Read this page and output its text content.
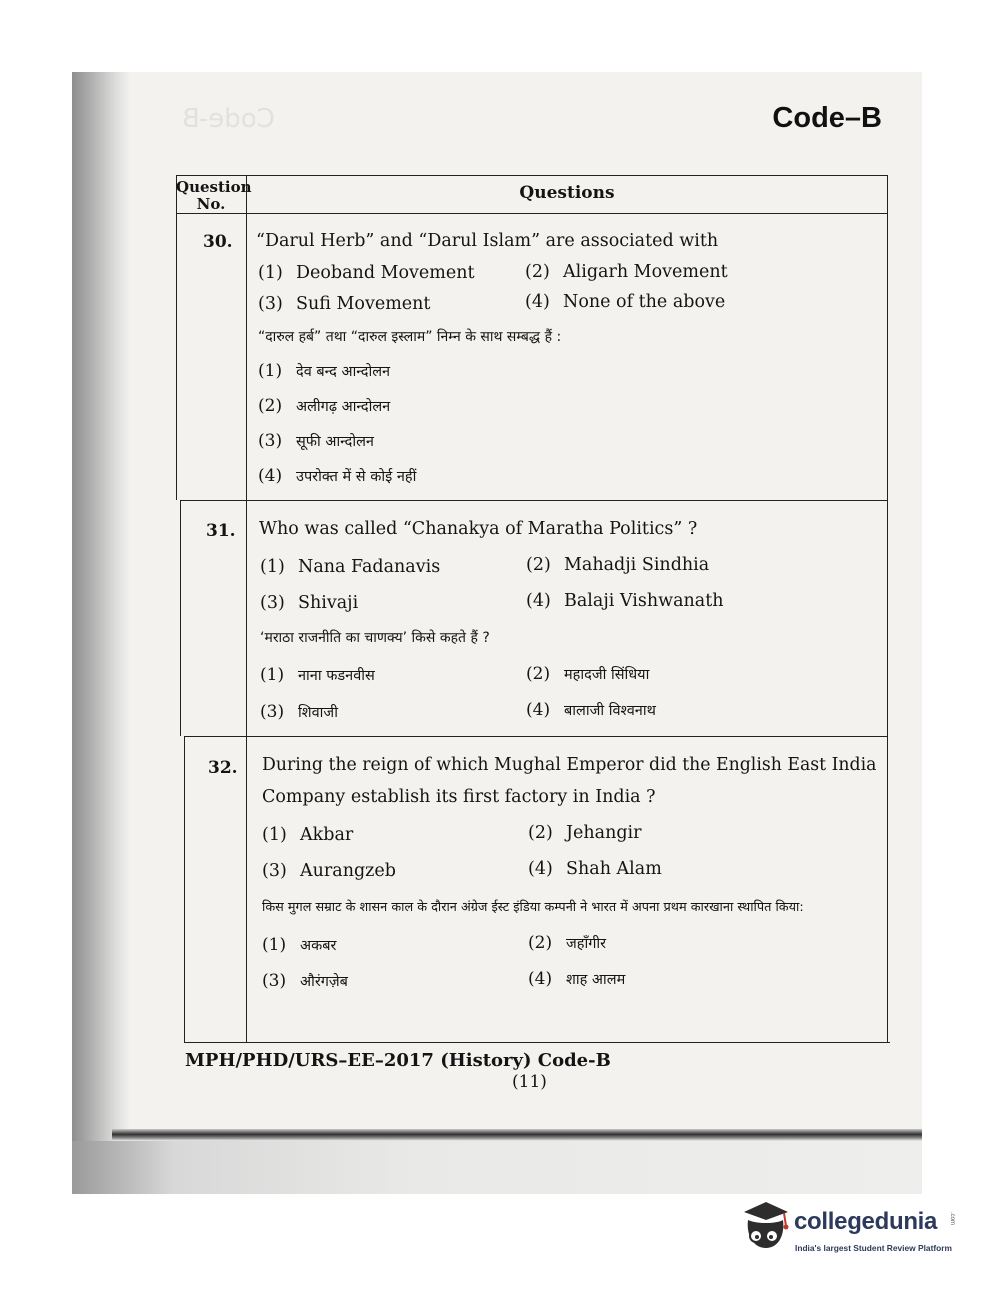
Code-B	Code–B
Question No.
Questions
30. “Darul Herb” and “Darul Islam” are associated with
(1) Deoband Movement	(2) Aligarh Movement
(3) Sufi Movement	(4) None of the above
“दारुल हर्ब” तथा “दारुल इस्लाम” निम्न के साथ सम्बद्ध हैं :
(1) देव बन्द आन्दोलन
(2) अलीगढ़ आन्दोलन
(3) सूफी आन्दोलन
(4) उपरोक्त में से कोई नहीं
31. Who was called “Chanakya of Maratha Politics” ?
(1) Nana Fadanavis	(2) Mahadji Sindhia
(3) Shivaji	(4) Balaji Vishwanath
‘मराठा राजनीति का चाणक्य’ किसे कहते हैं ?
(1) नाना फडनवीस	(2) महादजी सिंधिया
(3) शिवाजी	(4) बालाजी विश्वनाथ
32. During the reign of which Mughal Emperor did the English East India
Company establish its first factory in India ?
(1) Akbar	(2) Jehangir
(3) Aurangzeb	(4) Shah Alam
किस मुगल सम्राट के शासन काल के दौरान अंग्रेज ईस्ट इंडिया कम्पनी ने भारत में अपना प्रथम कारखाना स्थापित किया:
(1) अकबर	(2) जहाँगीर
(3) औरंगज़ेब	(4) शाह आलम
MPH/PHD/URS–EE–2017 (History) Code-B
(11)
collegedunia .com
India's largest Student Review Platform
